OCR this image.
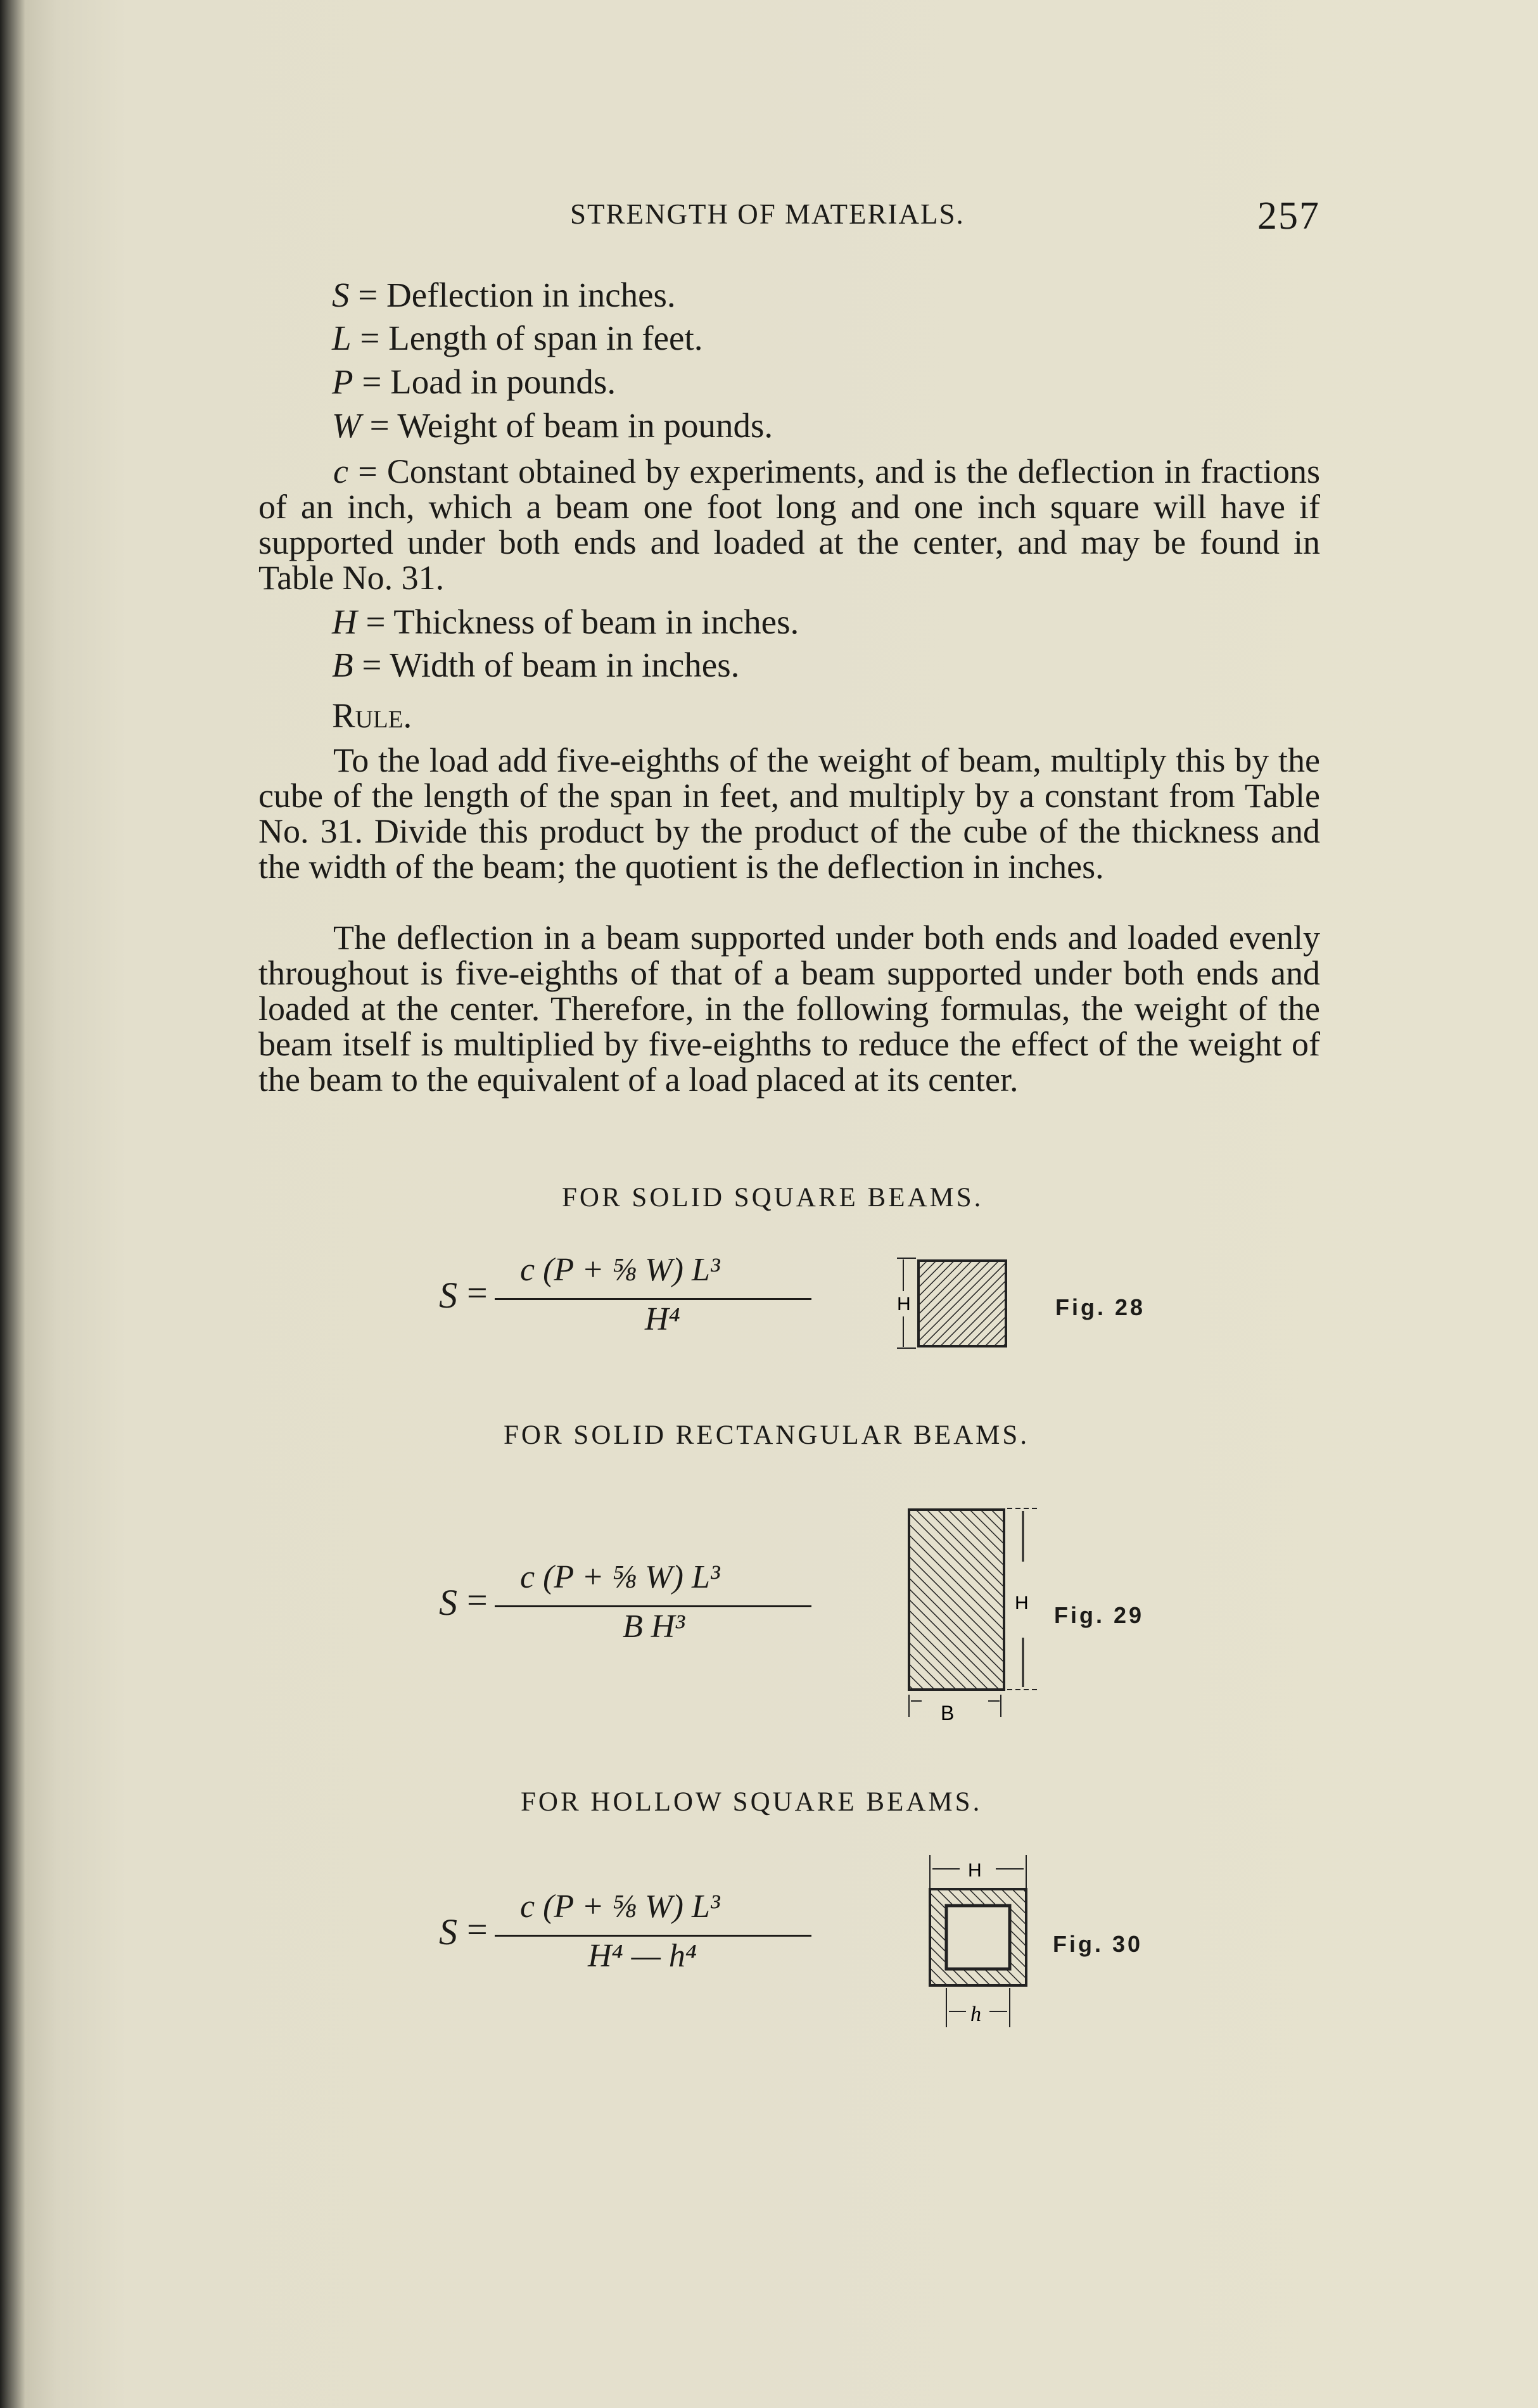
STRENGTH OF MATERIALS.	257
S = Deflection in inches.
L = Length of span in feet.
P = Load in pounds.
W = Weight of beam in pounds.

c = Constant obtained by experiments, and is the deflection in fractions of an inch, which a beam one foot long and one inch square will have if supported under both ends and loaded at the center, and may be found in Table No. 31.

H = Thickness of beam in inches.
B = Width of beam in inches.
Rule.

To the load add five-eighths of the weight of beam, multiply this by the cube of the length of the span in feet, and multiply by a constant from Table No. 31. Divide this product by the product of the cube of the thickness and the width of the beam; the quotient is the deflection in inches.

The deflection in a beam supported under both ends and loaded evenly throughout is five-eighths of that of a beam supported under both ends and loaded at the center. Therefore, in the following formulas, the weight of the beam itself is multiplied by five-eighths to reduce the effect of the weight of the beam to the equivalent of a load placed at its center.

FOR SOLID SQUARE BEAMS.
S =
c (P + ⅝ W) L³
H⁴	H	Fig. 28
FOR SOLID RECTANGULAR BEAMS.
S =
c (P + ⅝ W) L³
B H³
H
B
Fig. 29
FOR HOLLOW SQUARE BEAMS.
S =
c (P + ⅝ W) L³
H⁴ — h⁴
H
h
Fig. 30
